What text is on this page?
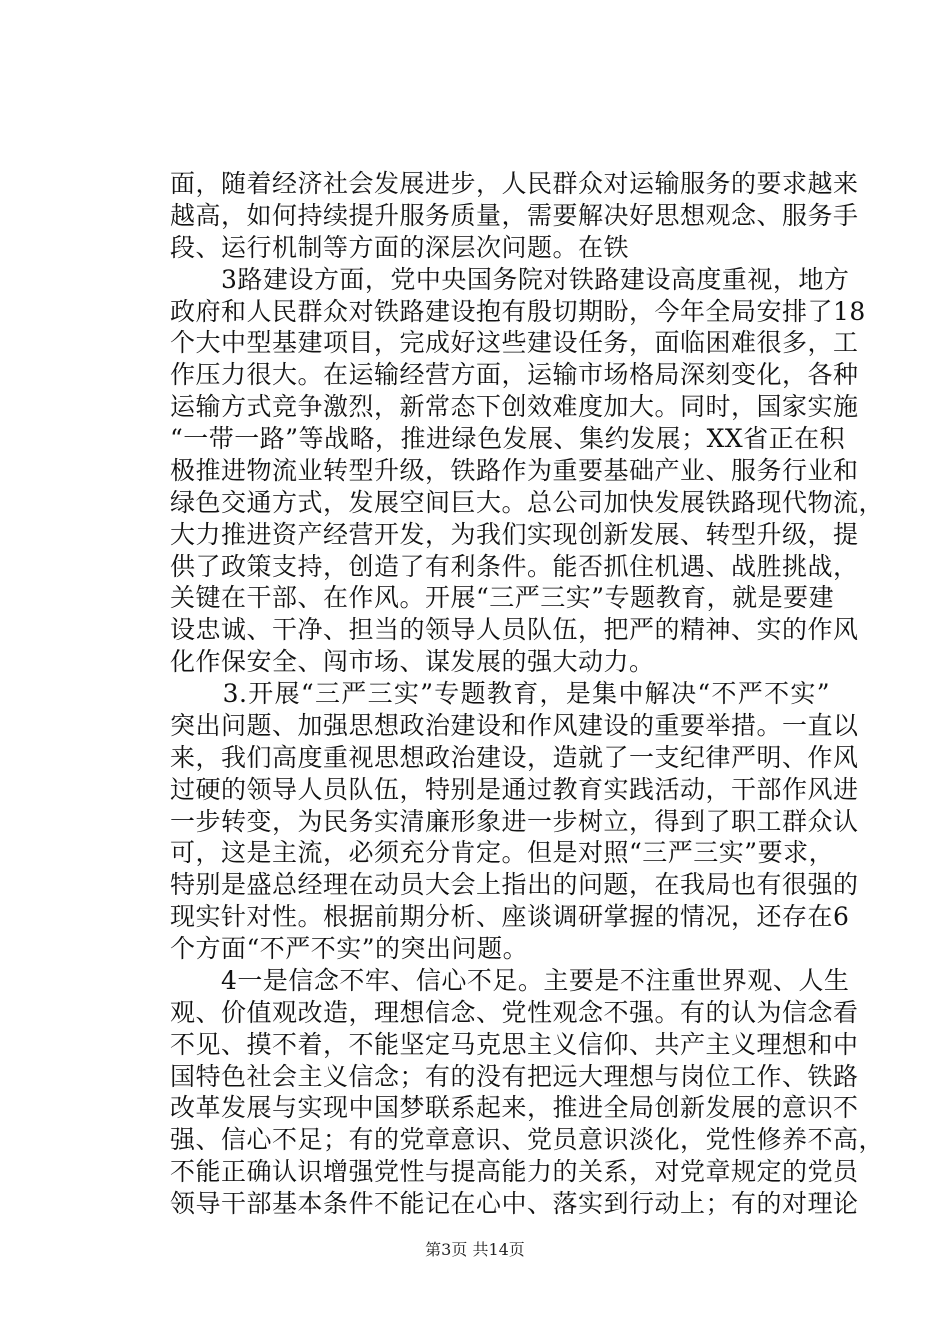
面，随着经济社会发展进步，人民群众对运输服务的要求越来
越高，如何持续提升服务质量，需要解决好思想观念、服务手
段、运行机制等方面的深层次问题。在铁
　　3路建设方面，党中央国务院对铁路建设高度重视，地方
政府和人民群众对铁路建设抱有殷切期盼，今年全局安排了18
个大中型基建项目，完成好这些建设任务，面临困难很多，工
作压力很大。在运输经营方面，运输市场格局深刻变化，各种
运输方式竞争激烈，新常态下创效难度加大。同时，国家实施
“一带一路”等战略，推进绿色发展、集约发展；XX省正在积
极推进物流业转型升级，铁路作为重要基础产业、服务行业和
绿色交通方式，发展空间巨大。总公司加快发展铁路现代物流，
大力推进资产经营开发，为我们实现创新发展、转型升级，提
供了政策支持，创造了有利条件。能否抓住机遇、战胜挑战，
关键在干部、在作风。开展“三严三实”专题教育，就是要建
设忠诚、干净、担当的领导人员队伍，把严的精神、实的作风
化作保安全、闯市场、谋发展的强大动力。
　　3.开展“三严三实”专题教育，是集中解决“不严不实”
突出问题、加强思想政治建设和作风建设的重要举措。一直以
来，我们高度重视思想政治建设，造就了一支纪律严明、作风
过硬的领导人员队伍，特别是通过教育实践活动，干部作风进
一步转变，为民务实清廉形象进一步树立，得到了职工群众认
可，这是主流，必须充分肯定。但是对照“三严三实”要求，
特别是盛总经理在动员大会上指出的问题，在我局也有很强的
现实针对性。根据前期分析、座谈调研掌握的情况，还存在6
个方面“不严不实”的突出问题。
　　4一是信念不牢、信心不足。主要是不注重世界观、人生
观、价值观改造，理想信念、党性观念不强。有的认为信念看
不见、摸不着，不能坚定马克思主义信仰、共产主义理想和中
国特色社会主义信念；有的没有把远大理想与岗位工作、铁路
改革发展与实现中国梦联系起来，推进全局创新发展的意识不
强、信心不足；有的党章意识、党员意识淡化，党性修养不高，
不能正确认识增强党性与提高能力的关系，对党章规定的党员
领导干部基本条件不能记在心中、落实到行动上；有的对理论
第3页 共14页
